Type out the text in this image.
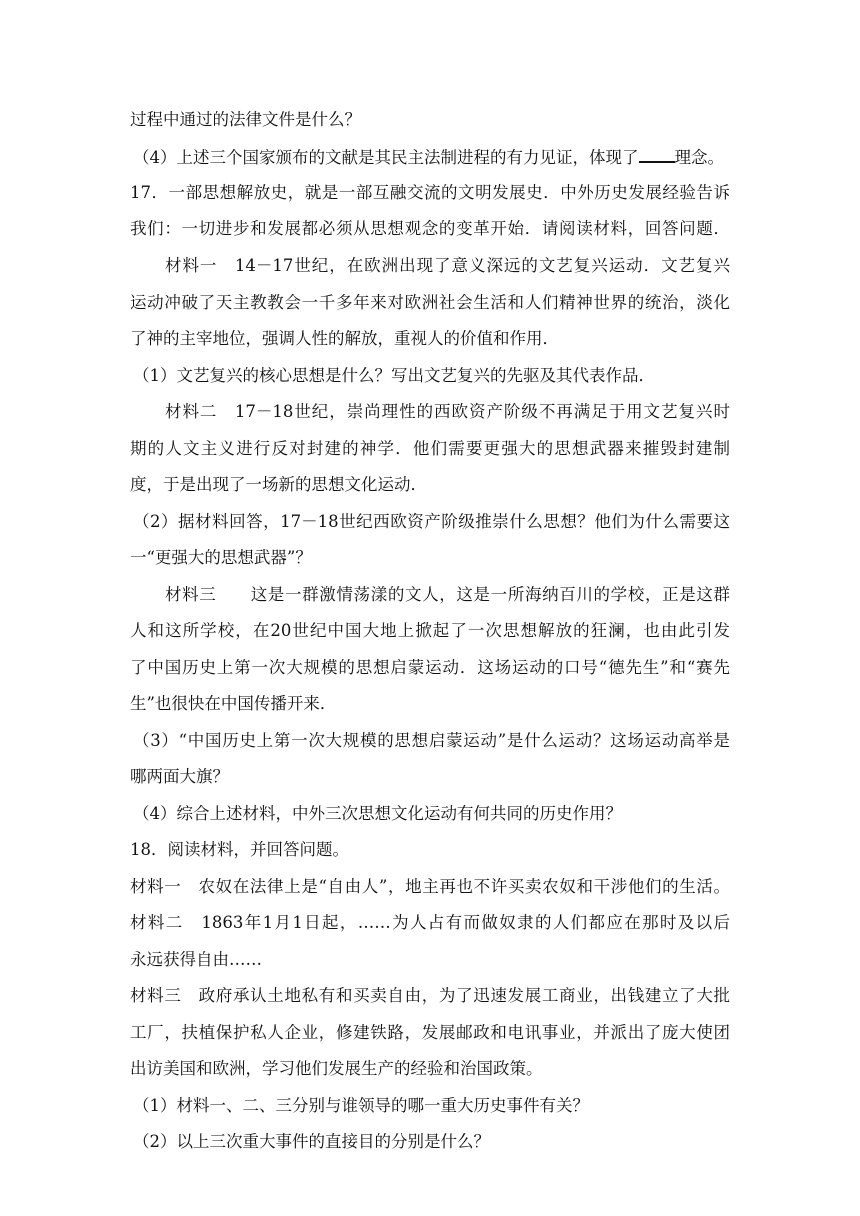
过程中通过的法律文件是什么？
（4）上述三个国家颁布的文献是其民主法制进程的有力见证，体现了 理念。
17．一部思想解放史，就是一部互融交流的文明发展史．中外历史发展经验告诉
我们：一切进步和发展都必须从思想观念的变革开始．请阅读材料，回答问题．
材料一　14－17世纪，在欧洲出现了意义深远的文艺复兴运动．文艺复兴
运动冲破了天主教教会一千多年来对欧洲社会生活和人们精神世界的统治，淡化
了神的主宰地位，强调人性的解放，重视人的价值和作用．
（1）文艺复兴的核心思想是什么？写出文艺复兴的先驱及其代表作品．
材料二　17－18世纪，崇尚理性的西欧资产阶级不再满足于用文艺复兴时
期的人文主义进行反对封建的神学．他们需要更强大的思想武器来摧毁封建制
度，于是出现了一场新的思想文化运动．
（2）据材料回答，17－18世纪西欧资产阶级推崇什么思想？他们为什么需要这
一“更强大的思想武器”？
材料三　　这是一群激情荡漾的文人，这是一所海纳百川的学校，正是这群
人和这所学校，在20世纪中国大地上掀起了一次思想解放的狂澜，也由此引发
了中国历史上第一次大规模的思想启蒙运动．这场运动的口号“德先生”和“赛先
生”也很快在中国传播开来．
（3）“中国历史上第一次大规模的思想启蒙运动”是什么运动？这场运动高举是
哪两面大旗？
（4）综合上述材料，中外三次思想文化运动有何共同的历史作用？
18．阅读材料，并回答问题。
材料一　农奴在法律上是“自由人”，地主再也不许买卖农奴和干涉他们的生活。
材料二　1863年1月1日起，……为人占有而做奴隶的人们都应在那时及以后
永远获得自由……
材料三　政府承认土地私有和买卖自由，为了迅速发展工商业，出钱建立了大批
工厂，扶植保护私人企业，修建铁路，发展邮政和电讯事业，并派出了庞大使团
出访美国和欧洲，学习他们发展生产的经验和治国政策。
（1）材料一、二、三分别与谁领导的哪一重大历史事件有关？
（2）以上三次重大事件的直接目的分别是什么？
